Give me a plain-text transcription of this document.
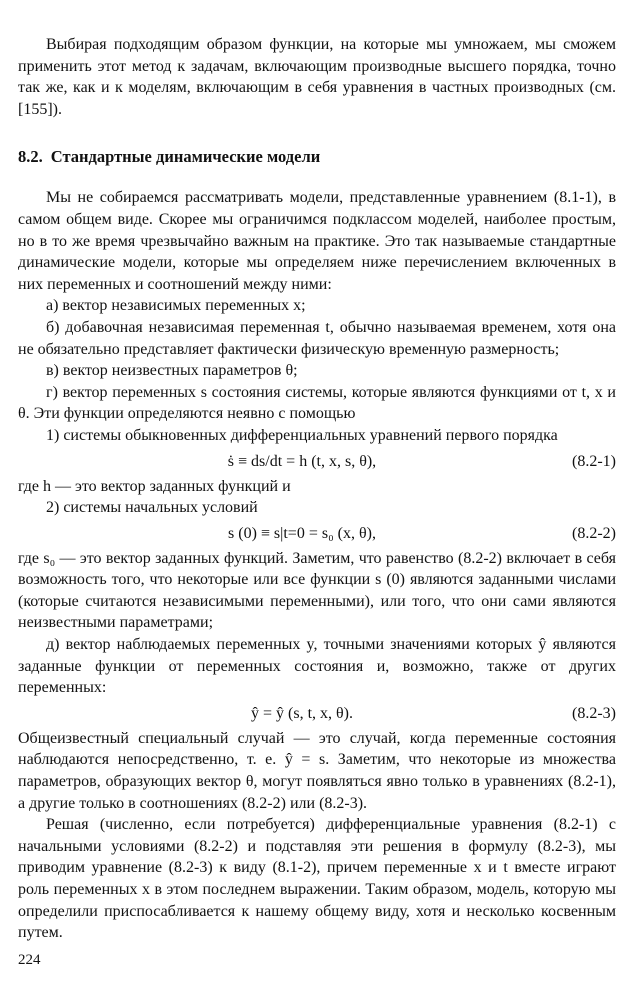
Выбирая подходящим образом функции, на которые мы умножаем, мы сможем применить этот метод к задачам, включающим производные высшего порядка, точно так же, как и к моделям, включающим в себя уравнения в частных производных (см. [155]).

8.2. Стандартные динамические модели

Мы не собираемся рассматривать модели, представленные уравнением (8.1-1), в самом общем виде. Скорее мы ограничимся подклассом моделей, наиболее простым, но в то же время чрезвычайно важным на практике. Это так называемые стандартные динамические модели, которые мы определяем ниже перечислением включенных в них переменных и соотношений между ними:

а) вектор независимых переменных x;

б) добавочная независимая переменная t, обычно называемая временем, хотя она не обязательно представляет фактически физическую временную размерность;

в) вектор неизвестных параметров θ;

г) вектор переменных s состояния системы, которые являются функциями от t, x и θ. Эти функции определяются неявно с помощью

1) системы обыкновенных дифференциальных уравнений первого порядка

ṡ ≡ ds/dt = h (t, x, s, θ),	(8.2-1)

где h — это вектор заданных функций и

2) системы начальных условий

s (0) ≡ s|t=0 = s₀ (x, θ),	(8.2-2)

где s₀ — это вектор заданных функций. Заметим, что равенство (8.2-2) включает в себя возможность того, что некоторые или все функции s (0) являются заданными числами (которые считаются независимыми переменными), или того, что они сами являются неизвестными параметрами;

д) вектор наблюдаемых переменных y, точными значениями которых ŷ являются заданные функции от переменных состояния и, возможно, также от других переменных:

ŷ = ŷ (s, t, x, θ).	(8.2-3)

Общеизвестный специальный случай — это случай, когда переменные состояния наблюдаются непосредственно, т. е. ŷ = s. Заметим, что некоторые из множества параметров, образующих вектор θ, могут появляться явно только в уравнениях (8.2-1), а другие только в соотношениях (8.2-2) или (8.2-3).

Решая (численно, если потребуется) дифференциальные уравнения (8.2-1) с начальными условиями (8.2-2) и подставляя эти решения в формулу (8.2-3), мы приводим уравнение (8.2-3) к виду (8.1-2), причем переменные x и t вместе играют роль переменных x в этом последнем выражении. Таким образом, модель, которую мы определили приспосабливается к нашему общему виду, хотя и несколько косвенным путем.

224
